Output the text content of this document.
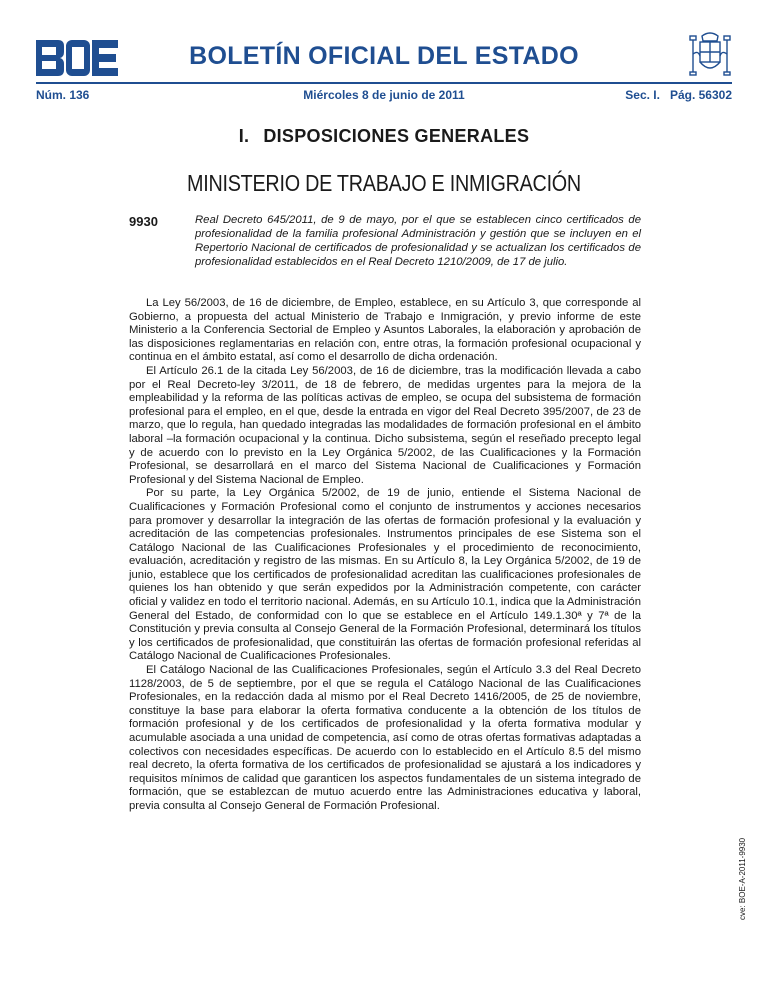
BOLETÍN OFICIAL DEL ESTADO
Núm. 136	Miércoles 8 de junio de 2011	Sec. I.   Pág. 56302
I. DISPOSICIONES GENERALES
MINISTERIO DE TRABAJO E INMIGRACIÓN
9930	Real Decreto 645/2011, de 9 de mayo, por el que se establecen cinco certificados de profesionalidad de la familia profesional Administración y gestión que se incluyen en el Repertorio Nacional de certificados de profesionalidad y se actualizan los certificados de profesionalidad establecidos en el Real Decreto 1210/2009, de 17 de julio.

La Ley 56/2003, de 16 de diciembre, de Empleo, establece, en su Artículo 3, que corresponde al Gobierno, a propuesta del actual Ministerio de Trabajo e Inmigración, y previo informe de este Ministerio a la Conferencia Sectorial de Empleo y Asuntos Laborales, la elaboración y aprobación de las disposiciones reglamentarias en relación con, entre otras, la formación profesional ocupacional y continua en el ámbito estatal, así como el desarrollo de dicha ordenación.

El Artículo 26.1 de la citada Ley 56/2003, de 16 de diciembre, tras la modificación llevada a cabo por el Real Decreto-ley 3/2011, de 18 de febrero, de medidas urgentes para la mejora de la empleabilidad y la reforma de las políticas activas de empleo, se ocupa del subsistema de formación profesional para el empleo, en el que, desde la entrada en vigor del Real Decreto 395/2007, de 23 de marzo, que lo regula, han quedado integradas las modalidades de formación profesional en el ámbito laboral –la formación ocupacional y la continua. Dicho subsistema, según el reseñado precepto legal y de acuerdo con lo previsto en la Ley Orgánica 5/2002, de las Cualificaciones y la Formación Profesional, se desarrollará en el marco del Sistema Nacional de Cualificaciones y Formación Profesional y del Sistema Nacional de Empleo.

Por su parte, la Ley Orgánica 5/2002, de 19 de junio, entiende el Sistema Nacional de Cualificaciones y Formación Profesional como el conjunto de instrumentos y acciones necesarios para promover y desarrollar la integración de las ofertas de formación profesional y la evaluación y acreditación de las competencias profesionales. Instrumentos principales de ese Sistema son el Catálogo Nacional de las Cualificaciones Profesionales y el procedimiento de reconocimiento, evaluación, acreditación y registro de las mismas. En su Artículo 8, la Ley Orgánica 5/2002, de 19 de junio, establece que los certificados de profesionalidad acreditan las cualificaciones profesionales de quienes los han obtenido y que serán expedidos por la Administración competente, con carácter oficial y validez en todo el territorio nacional. Además, en su Artículo 10.1, indica que la Administración General del Estado, de conformidad con lo que se establece en el Artículo 149.1.30ª y 7ª de la Constitución y previa consulta al Consejo General de la Formación Profesional, determinará los títulos y los certificados de profesionalidad, que constituirán las ofertas de formación profesional referidas al Catálogo Nacional de Cualificaciones Profesionales.

El Catálogo Nacional de las Cualificaciones Profesionales, según el Artículo 3.3 del Real Decreto 1128/2003, de 5 de septiembre, por el que se regula el Catálogo Nacional de las Cualificaciones Profesionales, en la redacción dada al mismo por el Real Decreto 1416/2005, de 25 de noviembre, constituye la base para elaborar la oferta formativa conducente a la obtención de los títulos de formación profesional y de los certificados de profesionalidad y la oferta formativa modular y acumulable asociada a una unidad de competencia, así como de otras ofertas formativas adaptadas a colectivos con necesidades específicas. De acuerdo con lo establecido en el Artículo 8.5 del mismo real decreto, la oferta formativa de los certificados de profesionalidad se ajustará a los indicadores y requisitos mínimos de calidad que garanticen los aspectos fundamentales de un sistema integrado de formación, que se establezcan de mutuo acuerdo entre las Administraciones educativa y laboral, previa consulta al Consejo General de Formación Profesional.

cve: BOE-A-2011-9930
